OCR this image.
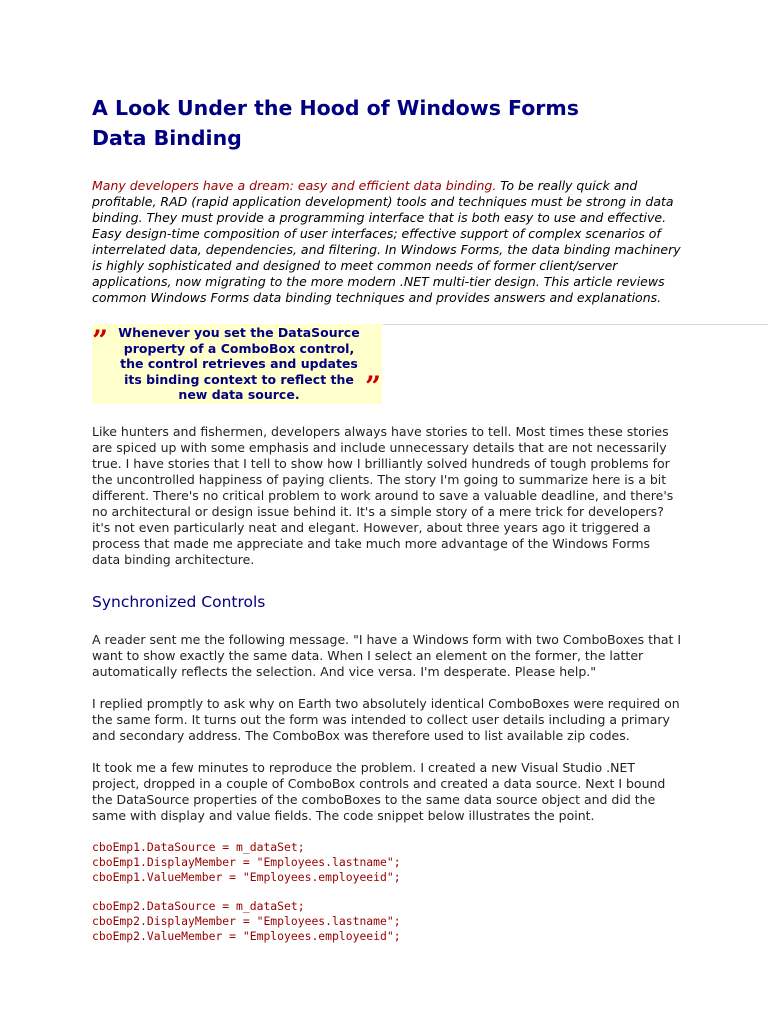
A Look Under the Hood of Windows Forms
Data Binding

Many developers have a dream: easy and efficient data binding. To be really quick and profitable, RAD (rapid application development) tools and techniques must be strong in data binding. They must provide a programming interface that is both easy to use and effective. Easy design-time composition of user interfaces; effective support of complex scenarios of interrelated data, dependencies, and filtering. In Windows Forms, the data binding machinery is highly sophisticated and designed to meet common needs of former client/server applications, now migrating to the more modern .NET multi-tier design. This article reviews common Windows Forms data binding techniques and provides answers and explanations.

” Whenever you set the DataSource property of a ComboBox control, the control retrieves and updates its binding context to reflect the new data source.	”

Like hunters and fishermen, developers always have stories to tell. Most times these stories are spiced up with some emphasis and include unnecessary details that are not necessarily true. I have stories that I tell to show how I brilliantly solved hundreds of tough problems for the uncontrolled happiness of paying clients. The story I'm going to summarize here is a bit different. There's no critical problem to work around to save a valuable deadline, and there's no architectural or design issue behind it. It's a simple story of a mere trick for developers?it's not even particularly neat and elegant. However, about three years ago it triggered a process that made me appreciate and take much more advantage of the Windows Forms data binding architecture.

Synchronized Controls

A reader sent me the following message. "I have a Windows form with two ComboBoxes that I want to show exactly the same data. When I select an element on the former, the latter automatically reflects the selection. And vice versa. I'm desperate. Please help."

I replied promptly to ask why on Earth two absolutely identical ComboBoxes were required on the same form. It turns out the form was intended to collect user details including a primary and secondary address. The ComboBox was therefore used to list available zip codes.

It took me a few minutes to reproduce the problem. I created a new Visual Studio .NET project, dropped in a couple of ComboBox controls and created a data source. Next I bound the DataSource properties of the comboBoxes to the same data source object and did the same with display and value fields. The code snippet below illustrates the point.

cboEmp1.DataSource = m_dataSet;
cboEmp1.DisplayMember = "Employees.lastname";
cboEmp1.ValueMember = "Employees.employeeid";
cboEmp2.DataSource = m_dataSet;
cboEmp2.DisplayMember = "Employees.lastname";
cboEmp2.ValueMember = "Employees.employeeid";
